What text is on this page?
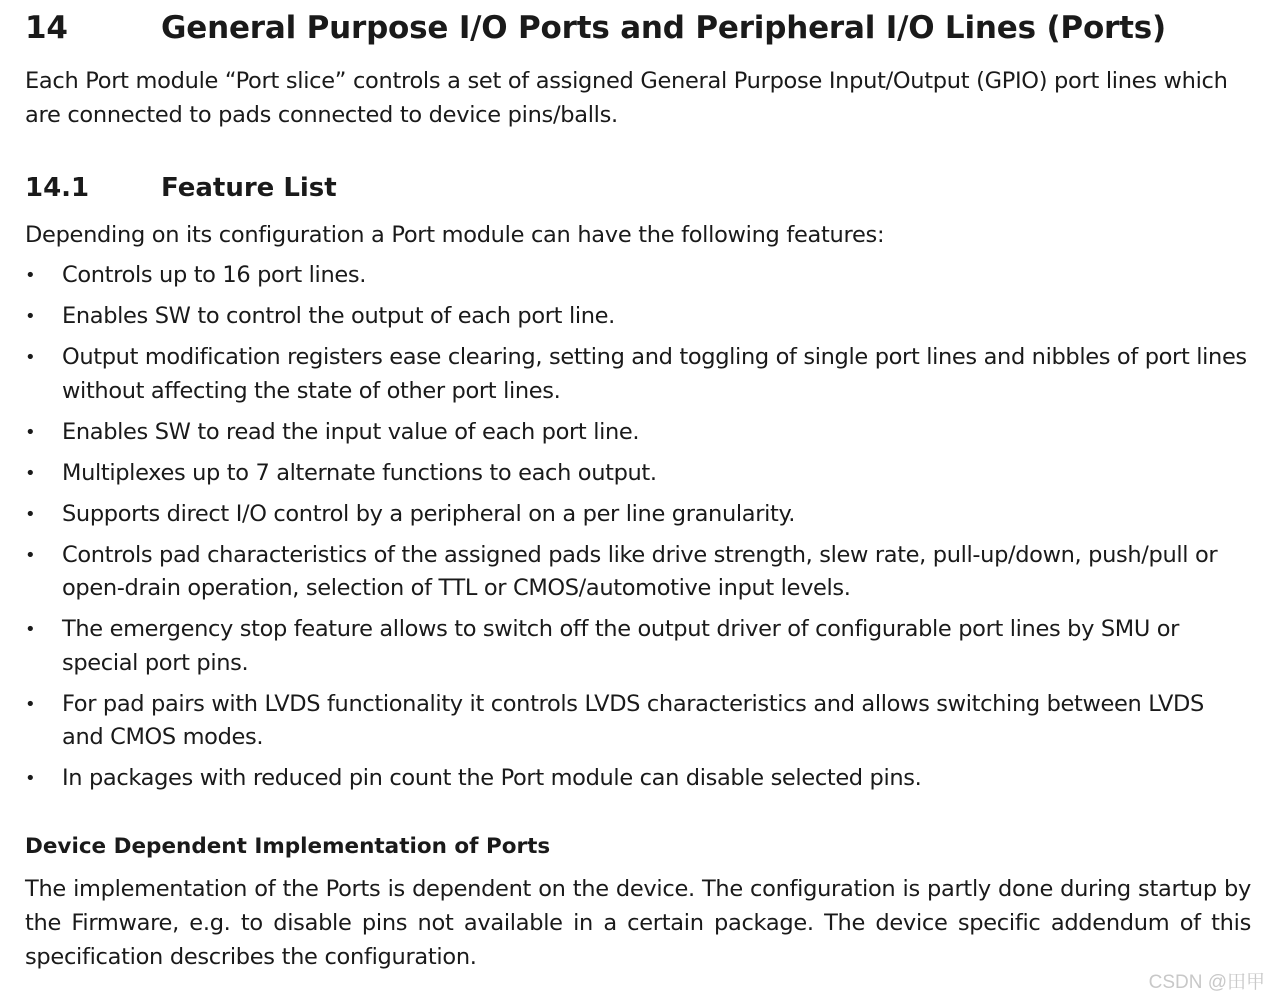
14	General Purpose I/O Ports and Peripheral I/O Lines (Ports)

Each Port module “Port slice” controls a set of assigned General Purpose Input/Output (GPIO) port lines which are connected to pads connected to device pins/balls.

14.1	Feature List

Depending on its configuration a Port module can have the following features:

• Controls up to 16 port lines.
• Enables SW to control the output of each port line.
• Output modification registers ease clearing, setting and toggling of single port lines and nibbles of port lines without affecting the state of other port lines.
• Enables SW to read the input value of each port line.
• Multiplexes up to 7 alternate functions to each output.
• Supports direct I/O control by a peripheral on a per line granularity.
• Controls pad characteristics of the assigned pads like drive strength, slew rate, pull-up/down, push/pull or open-drain operation, selection of TTL or CMOS/automotive input levels.
• The emergency stop feature allows to switch off the output driver of configurable port lines by SMU or special port pins.
• For pad pairs with LVDS functionality it controls LVDS characteristics and allows switching between LVDS and CMOS modes.
• In packages with reduced pin count the Port module can disable selected pins.
Device Dependent Implementation of Ports

The implementation of the Ports is dependent on the device. The configuration is partly done during startup by the Firmware, e.g. to disable pins not available in a certain package. The device specific addendum of this specification describes the configuration.

CSDN @田甲
